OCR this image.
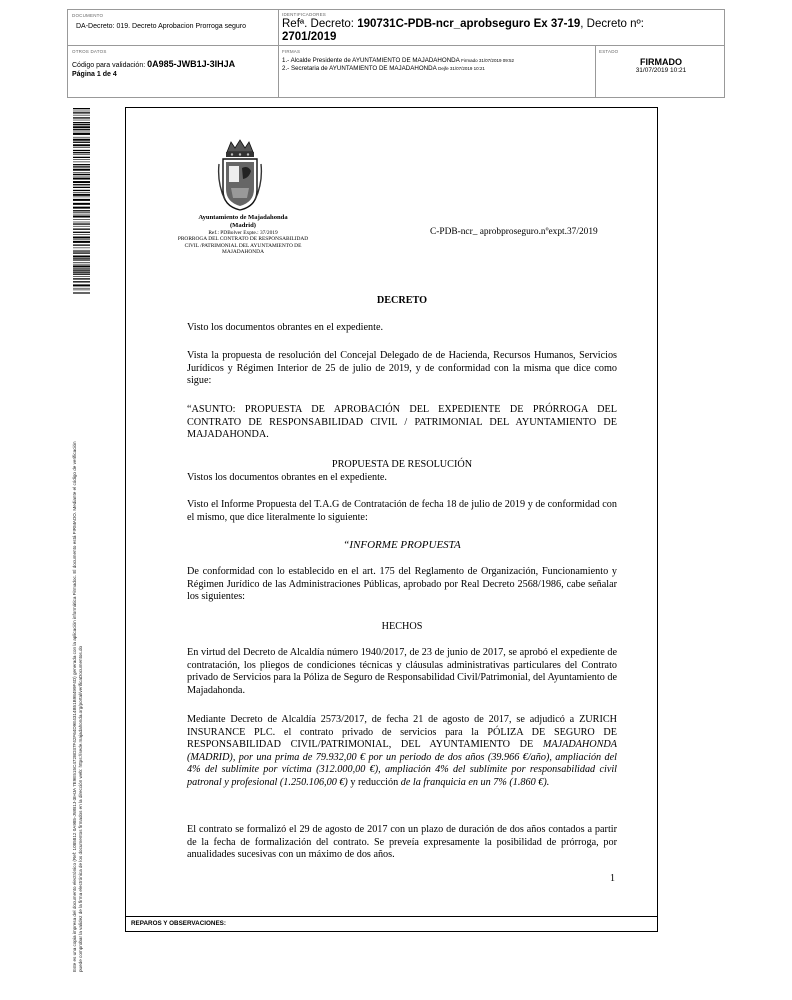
DOCUMENTO
DA-Decreto: 019. Decreto Aprobacion Prorroga seguro
IDENTIFICADORES
Refª. Decreto: 190731C-PDB-ncr_aprobseguro Ex 37-19, Decreto nº:
2701/2019
OTROS DATOS
Código para validación: 0A985-JWB1J-3IHJA
Página 1 de 4
FIRMAS
1.- Alcalde Presidente de AYUNTAMIENTO DE MAJADAHONDA Firmado 31/07/2019 09:52
2.- Secretaria de AYUNTAMIENTO DE MAJADAHONDA Dejfe 31/07/2019 10:21
ESTADO
FIRMADO
31/07/2019 10:21
Este es una copia impresa del documento electrónico (Ref: 1085812 0A985-JWB1J-3IHJA 7E9E515C472BD37F42F64D9E4314B51B98499F4D) generada con la aplicación informática Firmadoc. El documento está FIRMADO. Mediante el código de verificación puede comprobar la validez de la firma electrónica de los documentos firmados en la dirección web: https://sede.majadahonda.org/portal/verificaDocumentos.do	REPAROS Y OBSERVACIONES:
Ayuntamiento de Majadahonda
(Madrid)
Ref.: PDBolver Expte.: 37/2019
PRORROGA DEL CONTRATO DE RESPONSABILIDAD
CIVIL /PATRIMONIAL DEL AYUNTAMIENTO DE
MAJADAHONDA
C-PDB-ncr_ aprobproseguro.nºexpt.37/2019
DECRETO
Visto los documentos obrantes en el expediente.
Vista la propuesta de resolución del Concejal Delegado de de Hacienda, Recursos Humanos, Servicios Jurídicos y Régimen Interior de 25 de julio de 2019, y de conformidad con la misma que dice como sigue:
“ASUNTO: PROPUESTA DE APROBACIÓN DEL EXPEDIENTE DE PRÓRROGA DEL CONTRATO DE RESPONSABILIDAD CIVIL / PATRIMONIAL DEL AYUNTAMIENTO DE MAJADAHONDA.
PROPUESTA DE RESOLUCIÓN
Vistos los documentos obrantes en el expediente.
Visto el Informe Propuesta del T.A.G de Contratación de fecha 18 de julio de 2019 y de conformidad con el mismo, que dice literalmente lo siguiente:
“INFORME PROPUESTA
De conformidad con lo establecido en el art. 175 del Reglamento de Organización, Funcionamiento y Régimen Jurídico de las Administraciones Públicas, aprobado por Real Decreto 2568/1986, cabe señalar los siguientes:
HECHOS
En virtud del Decreto de Alcaldía número 1940/2017, de 23 de junio de 2017, se aprobó el expediente de contratación, los pliegos de condiciones técnicas y cláusulas administrativas particulares del Contrato privado de Servicios para la Póliza de Seguro de Responsabilidad Civil/Patrimonial, del Ayuntamiento de Majadahonda.
Mediante Decreto de Alcaldía 2573/2017, de fecha 21 de agosto de 2017, se adjudicó a ZURICH INSURANCE PLC. el contrato privado de servicios para la PÓLIZA DE SEGURO DE RESPONSABILIDAD CIVIL/PATRIMONIAL, DEL AYUNTAMIENTO DE MAJADAHONDA (MADRID), por una prima de 79.932,00 € por un periodo de dos años (39.966 €/año), ampliación del 4% del sublímite por víctima (312.000,00 €), ampliación 4% del sublímite por responsabilidad civil patronal y profesional (1.250.106,00 €) y reducción de la franquicia en un 7% (1.860 €).
El contrato se formalizó el 29 de agosto de 2017 con un plazo de duración de dos años contados a partir de la fecha de formalización del contrato. Se preveía expresamente la posibilidad de prórroga, por anualidades sucesivas con un máximo de dos años.
1
